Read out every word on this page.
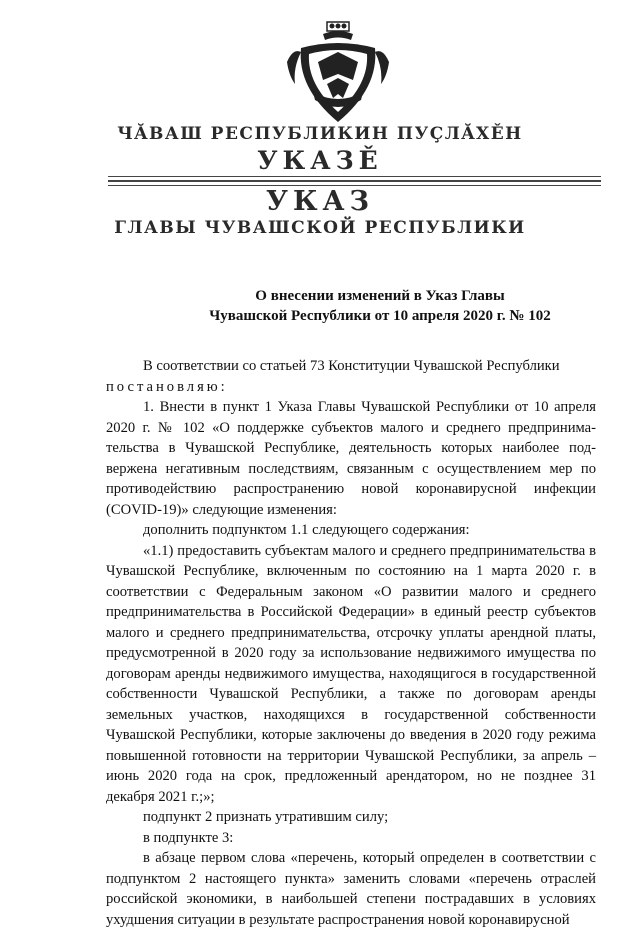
ЧĂВАШ РЕСПУБЛИКИН ПУҪЛĂХĚН
УКАЗĚ
УКАЗ
ГЛАВЫ ЧУВАШСКОЙ РЕСПУБЛИКИ
О внесении изменений в Указ Главы
Чувашской Республики от 10 апреля 2020 г. № 102

В соответствии со статьей 73 Конституции Чувашской Республики

постановляю:

1. Внести в пункт 1 Указа Главы Чувашской Республики от 10 апреля 2020 г. № 102 «О поддержке субъектов малого и среднего предпринимательства в Чувашской Республике, деятельность которых наиболее подвержена негативным последствиям, связанным с осуществлением мер по противодействию распространению новой коронавирусной инфекции (COVID-19)» следующие изменения:

дополнить подпунктом 1.1 следующего содержания:

«1.1) предоставить субъектам малого и среднего предпринимательства в Чувашской Республике, включенным по состоянию на 1 марта 2020 г. в соответствии с Федеральным законом «О развитии малого и среднего предпринимательства в Российской Федерации» в единый реестр субъектов малого и среднего предпринимательства, отсрочку уплаты арендной платы, предусмотренной в 2020 году за использование недвижимого имущества по договорам аренды недвижимого имущества, находящигося в государственной собственности Чувашской Республики, а также по договорам аренды земельных участков, находящихся в государственной собственности Чувашской Республики, которые заключены до введения в 2020 году режима повышенной готовности на территории Чувашской Республики, за апрель – июнь 2020 года на срок, предложенный арендатором, но не позднее 31 декабря 2021 г.;»;

подпункт 2 признать утратившим силу;

в подпункте 3:

в абзаце первом слова «перечень, который определен в соответствии с подпунктом 2 настоящего пункта» заменить словами «перечень отраслей российской экономики, в наибольшей степени пострадавших в условиях ухудшения ситуации в результате распространения новой коронавирусной
